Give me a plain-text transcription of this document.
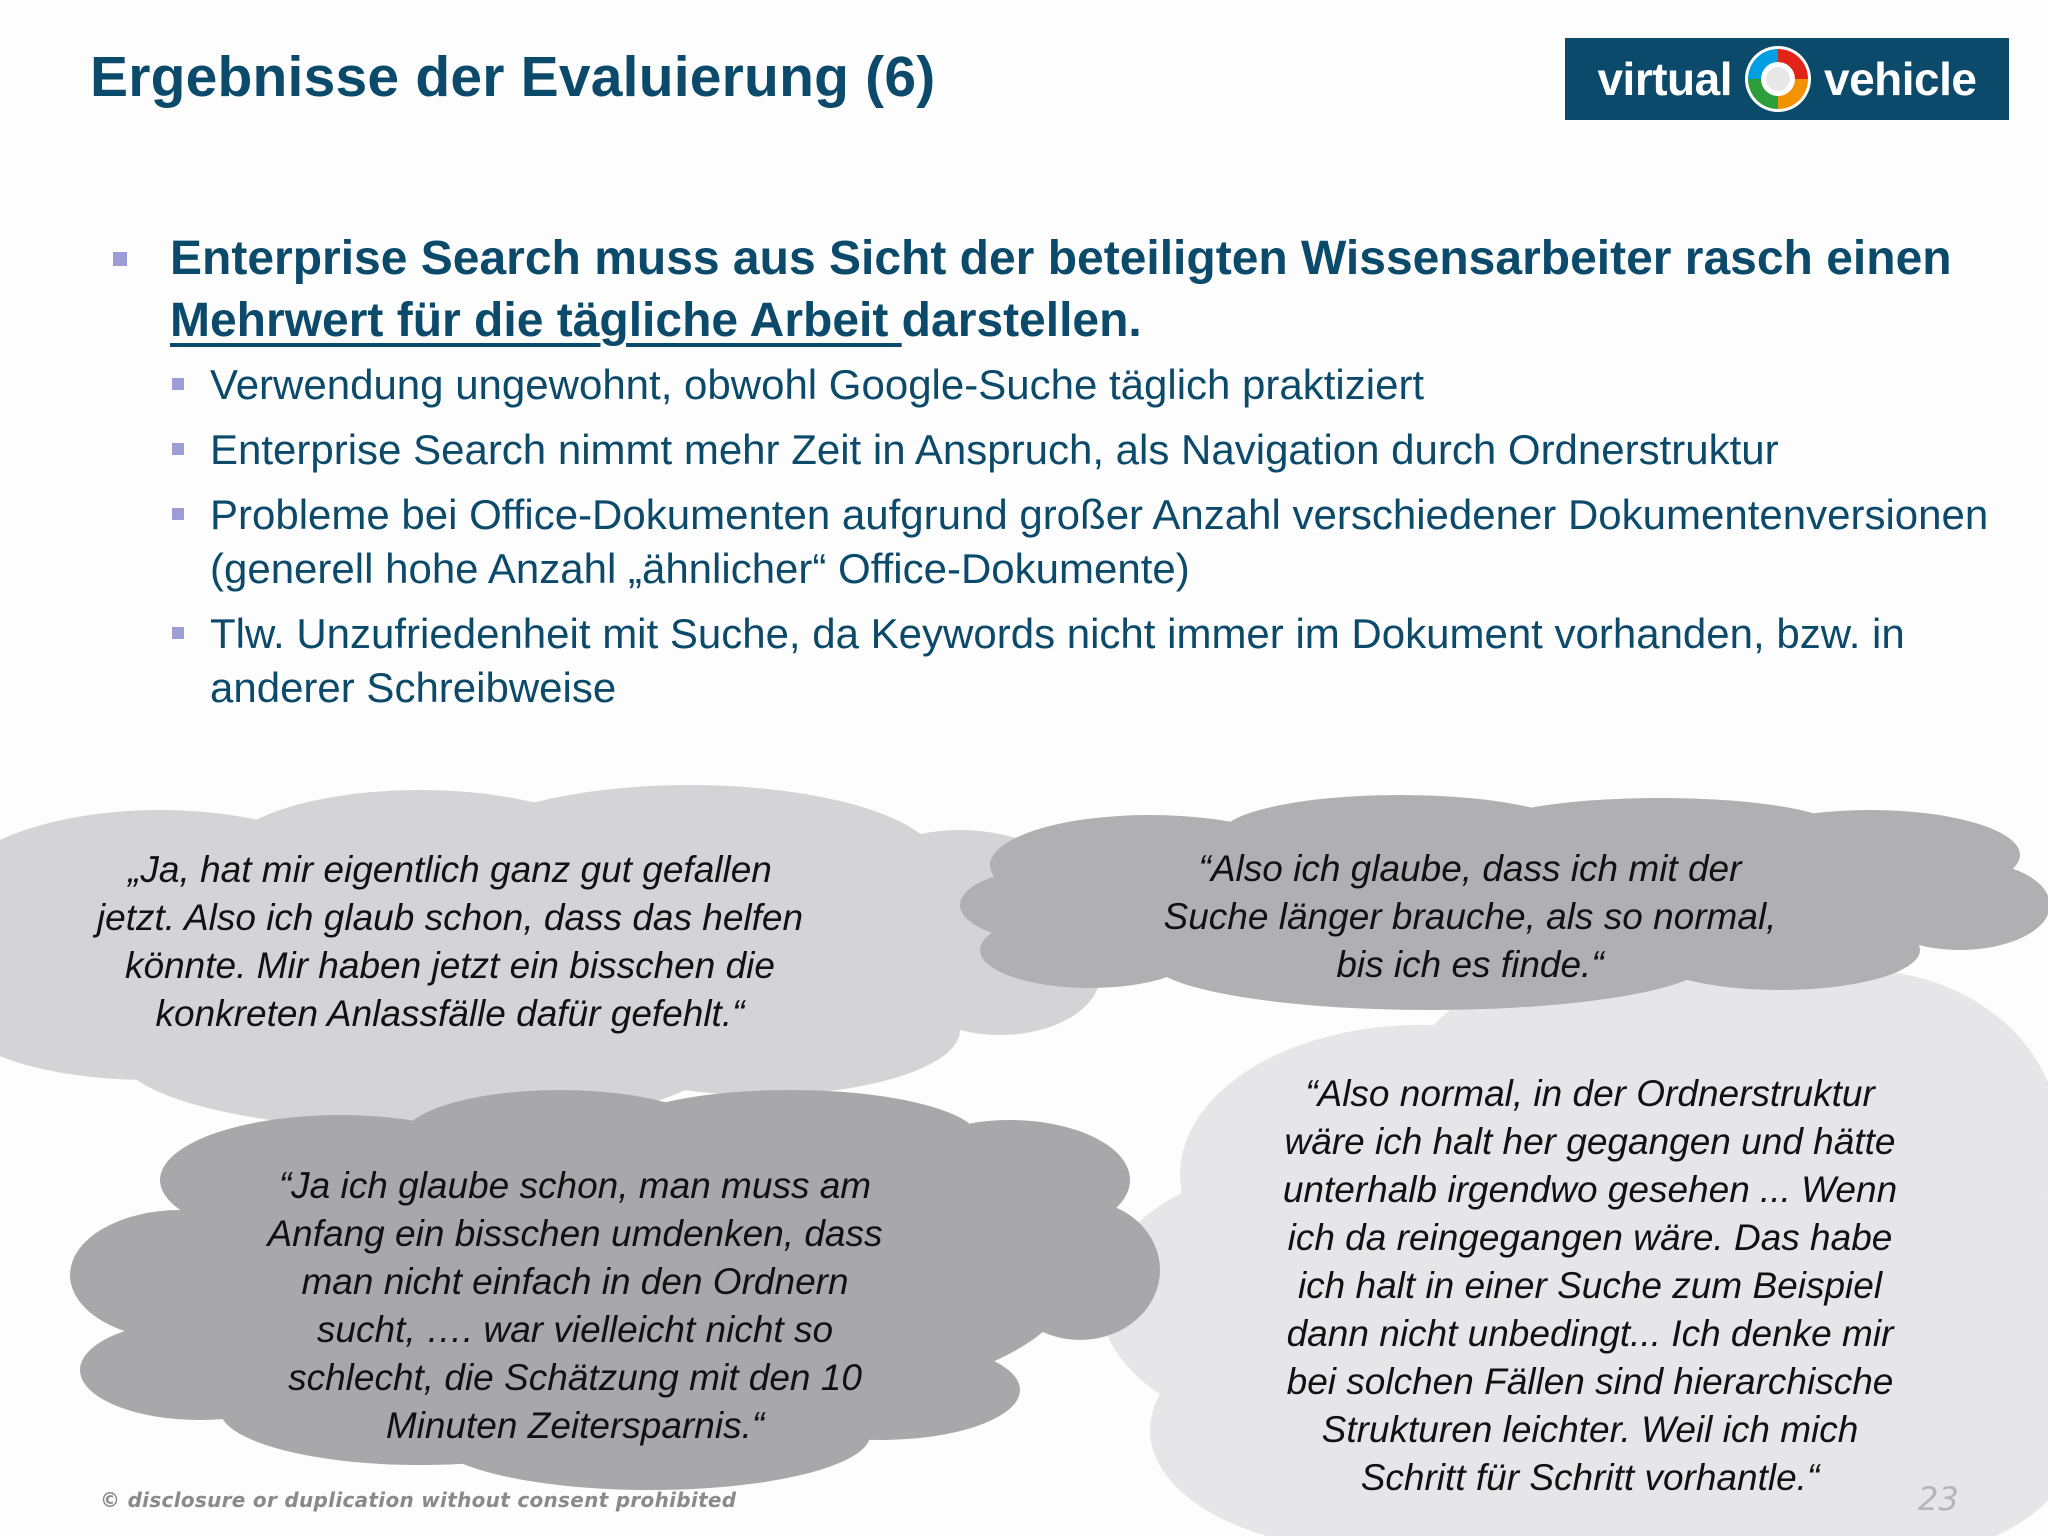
Ergebnisse der Evaluierung (6)	virtual vehicle
Enterprise Search muss aus Sicht der beteiligten Wissensarbeiter rasch einen Mehrwert für die tägliche Arbeit darstellen.
Verwendung ungewohnt, obwohl Google-Suche täglich praktiziert
Enterprise Search nimmt mehr Zeit in Anspruch, als Navigation durch Ordnerstruktur
Probleme bei Office-Dokumenten aufgrund großer Anzahl verschiedener Dokumentenversionen (generell hohe Anzahl „ähnlicher“ Office-Dokumente)
Tlw. Unzufriedenheit mit Suche, da Keywords nicht immer im Dokument vorhanden, bzw. in anderer Schreibweise

„Ja, hat mir eigentlich ganz gut gefallen
jetzt. Also ich glaub schon, dass das helfen
könnte. Mir haben jetzt ein bisschen die
konkreten Anlassfälle dafür gefehlt.“

“Also ich glaube, dass ich mit der
Suche länger brauche, als so normal,
bis ich es finde.“

“Ja ich glaube schon, man muss am
Anfang ein bisschen umdenken, dass
man nicht einfach in den Ordnern
sucht, …. war vielleicht nicht so
schlecht, die Schätzung mit den 10
Minuten Zeitersparnis.“

“Also normal, in der Ordnerstruktur
wäre ich halt her gegangen und hätte
unterhalb irgendwo gesehen ... Wenn
ich da reingegangen wäre. Das habe
ich halt in einer Suche zum Beispiel
dann nicht unbedingt... Ich denke mir
bei solchen Fällen sind hierarchische
Strukturen leichter. Weil ich mich
Schritt für Schritt vorhantle.“

© disclosure or duplication without consent prohibited	23
